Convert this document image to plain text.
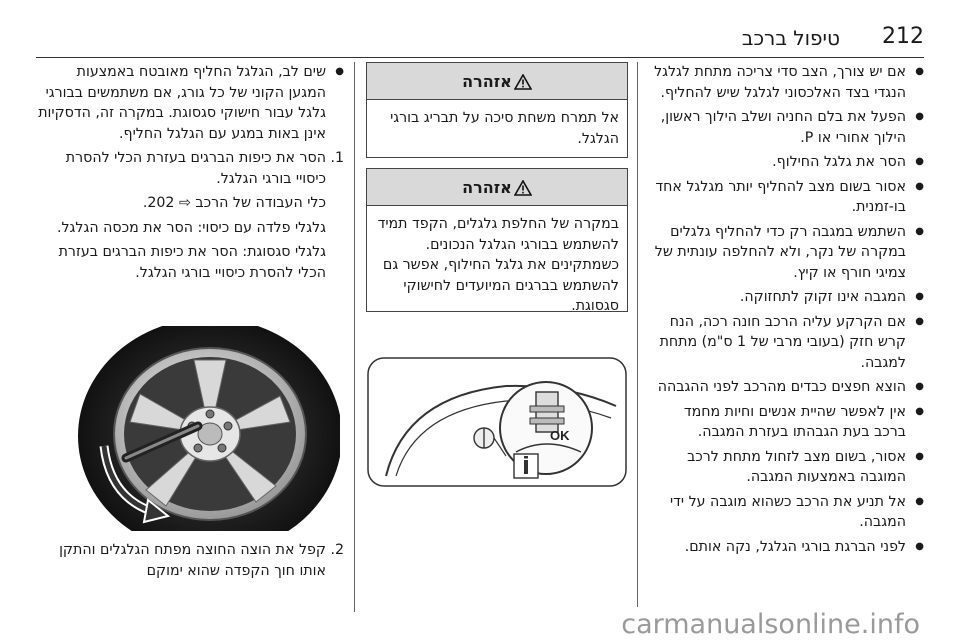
212
טיפול ברכב
● אם יש צורך, הצב סדי צריכה מתחת לגלגל הנגדי בצד האלכסוני לגלגל שיש להחליף.
● הפעל את בלם החניה ושלב הילוך ראשון, הילוך אחורי או P.
● הסר את גלגל החילוף.
● אסור בשום מצב להחליף יותר מגלגל אחד בו-זמנית.
● השתמש במגבה רק כדי להחליף גלגלים במקרה של נקר, ולא להחלפה עונתית של צמיגי חורף או קיץ.
● המגבה אינו זקוק לתחזוקה.
● אם הקרקע עליה הרכב חונה רכה, הנח קרש חזק (בעובי מרבי של 1 ס"מ) מתחת למגבה.
● הוצא חפצים כבדים מהרכב לפני ההגבהה
● אין לאפשר שהיית אנשים וחיות מחמד ברכב בעת הגבהתו בעזרת המגבה.
● אסור, בשום מצב לזחול מתחת לרכב המוגבה באמצעות המגבה.
● אל תניע את הרכב כשהוא מוגבה על ידי המגבה.
● לפני הברגת בורגי הגלגל, נקה אותם.
אזהרה
אל תמרח משחת סיכה על תבריג בורגי הגלגל.
אזהרה
במקרה של החלפת גלגלים, הקפד תמיד להשתמש בבורגי הגלגל הנכונים. כשמתקינים את גלגל החילוף, אפשר גם להשתמש בברגים המיועדים לחישוקי סגסוגת.
OK
● שים לב, הגלגל החליף מאובטח באמצעות המגען הקוני של כל גורג, אם משתמשים בבורגי גלגל עבור חישוקי סגסוגת. במקרה זה, הדסקיות אינן באות במגע עם הגלגל החליף.
1.
הסר את כיפות הברגים בעזרת הכלי להסרת כיסויי בורגי הגלגל.
כלי העבודה של הרכב ⇨ 202.
גלגלי פלדה עם כיסוי: הסר את מכסה הגלגל.
גלגלי סגסוגת: הסר את כיפות הברגים בעזרת הכלי להסרת כיסויי בורגי הגלגל.
2.
קפל את הוצה החוצה מפתח הגלגלים והתקן אותו חוך הקפדה שהוא ימוקם
carmanualsonline.info
